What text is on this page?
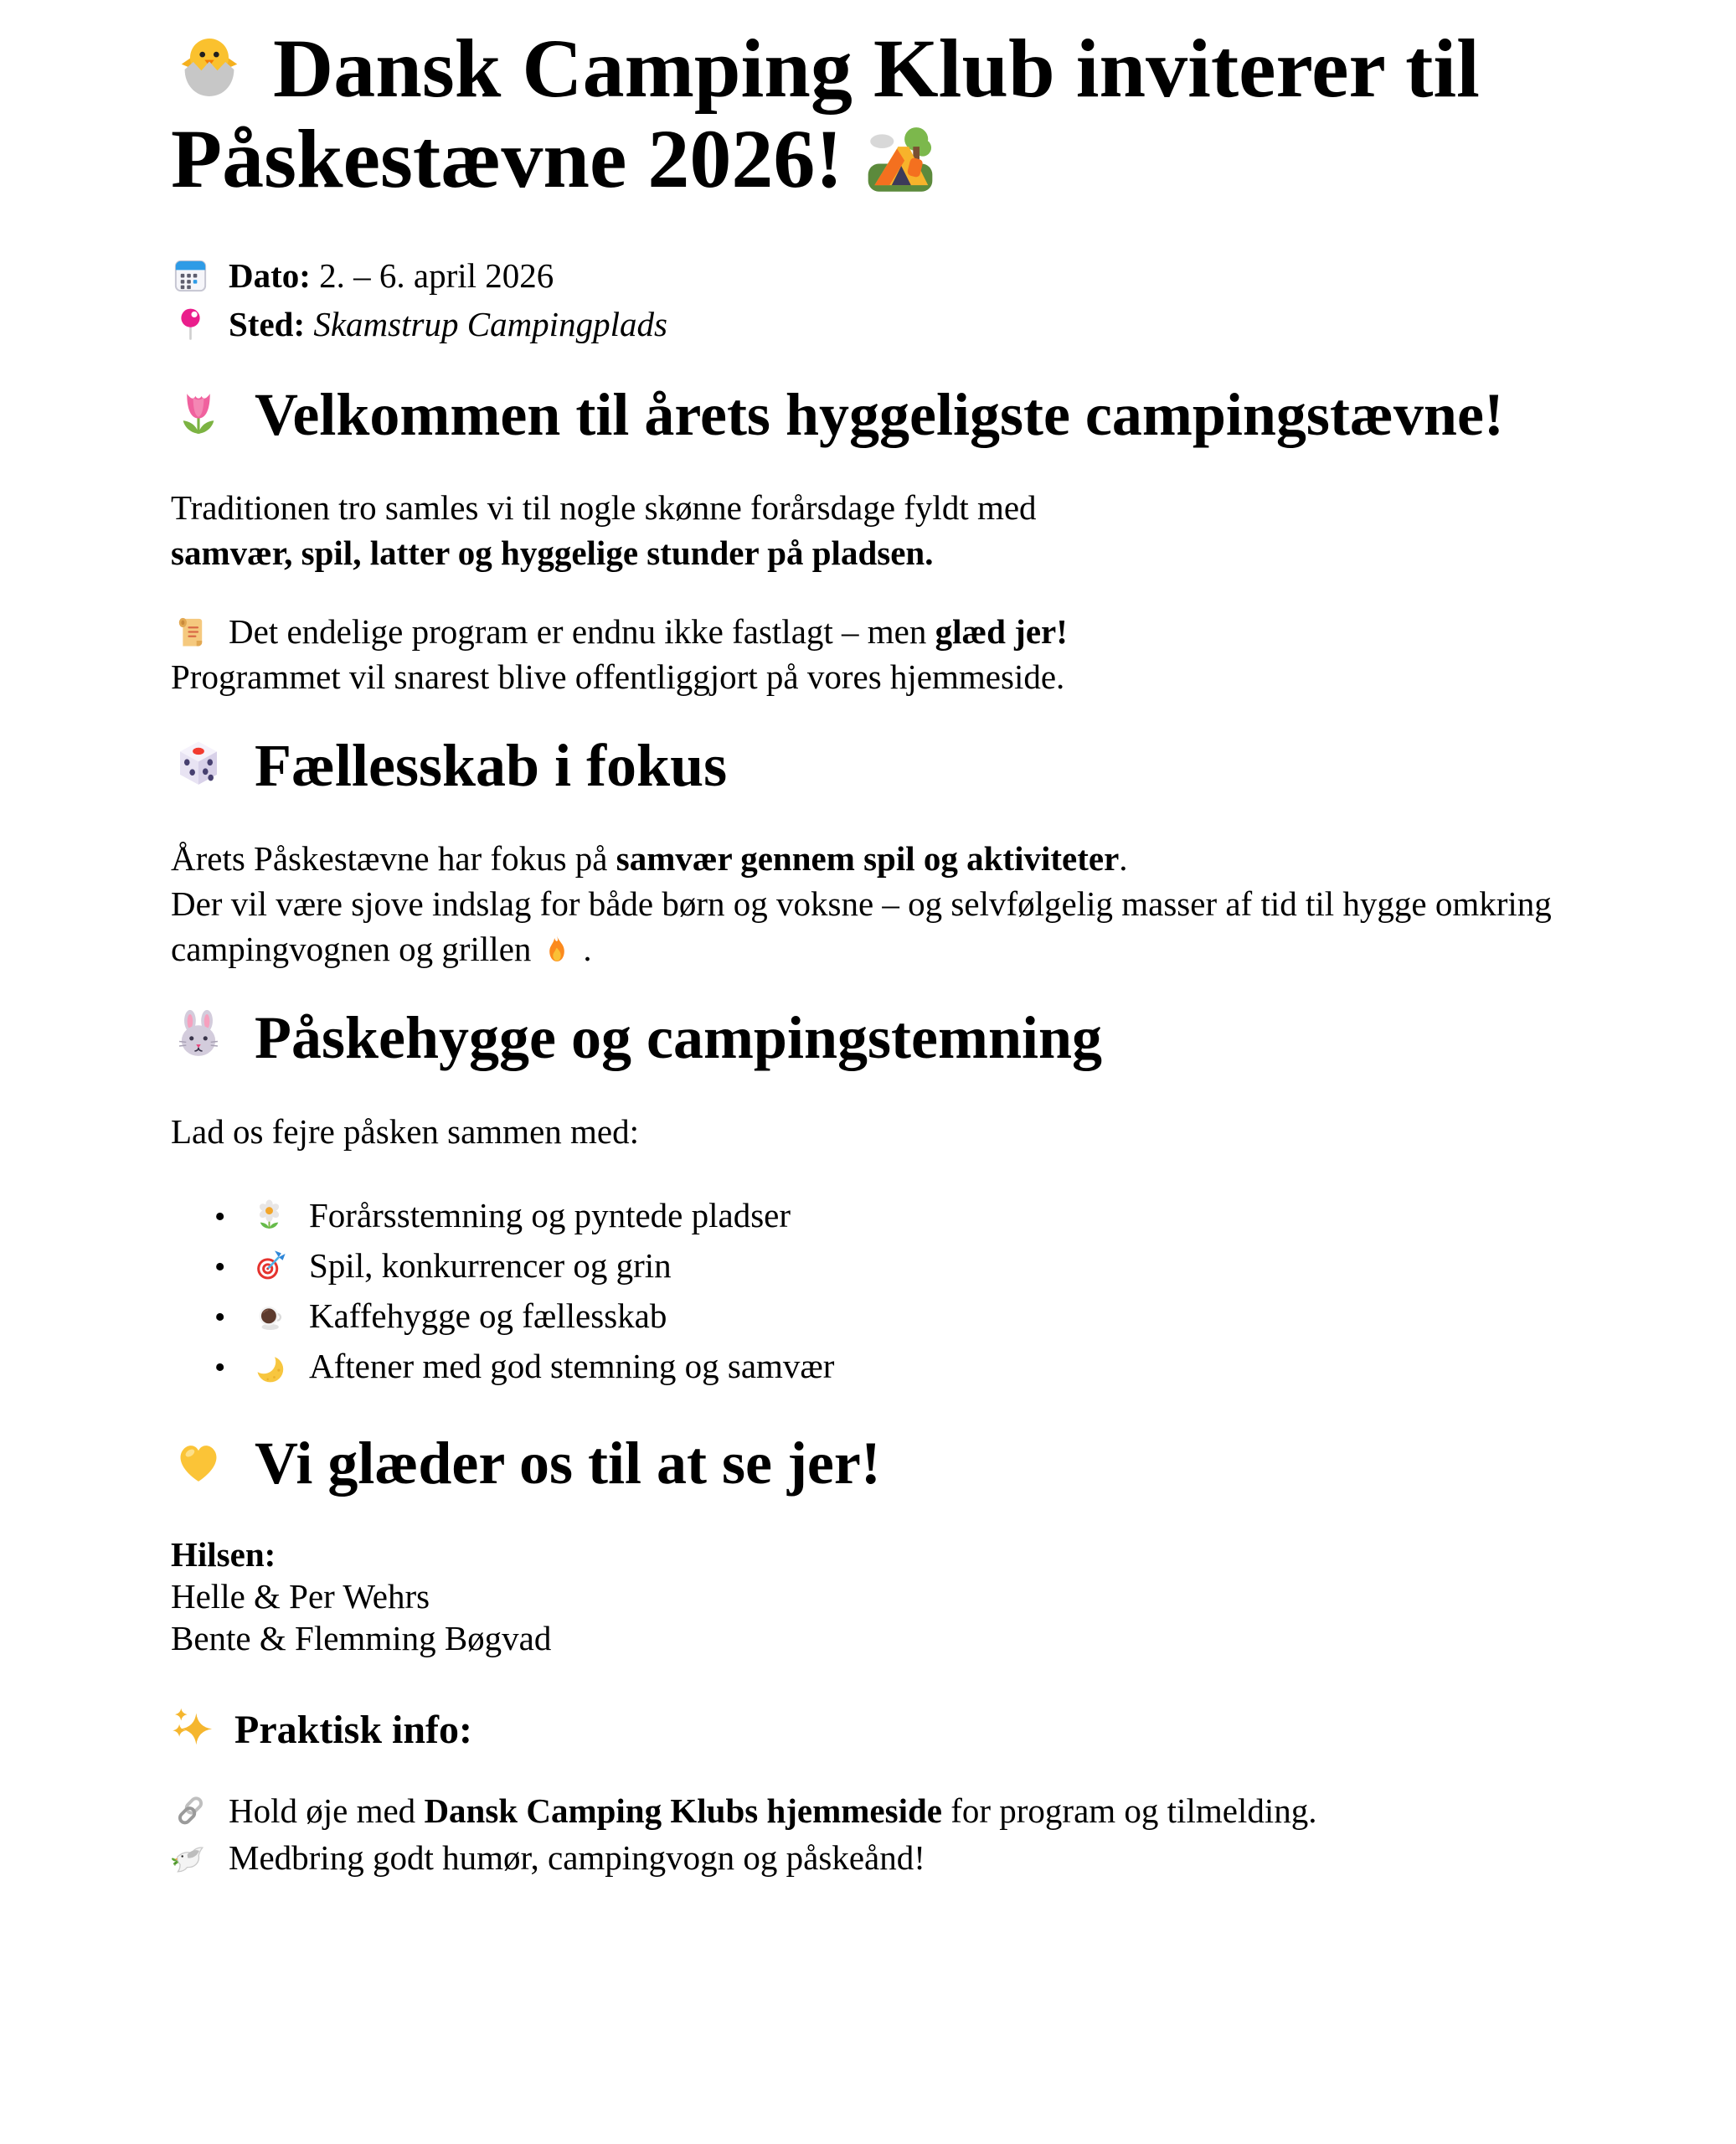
Dansk Camping Klub inviterer til Påskestævne 2026!

Dato: 2. – 6. april 2026

Sted: Skamstrup Campingplads

Velkommen til årets hyggeligste campingstævne!

Traditionen tro samles vi til nogle skønne forårsdage fyldt med
samvær, spil, latter og hyggelige stunder på pladsen.

Det endelige program er endnu ikke fastlagt – men glæd jer!
Programmet vil snarest blive offentliggjort på vores hjemmeside.

Fællesskab i fokus

Årets Påskestævne har fokus på samvær gennem spil og aktiviteter.
Der vil være sjove indslag for både børn og voksne – og selvfølgelig masser af tid til hygge omkring campingvognen og grillen .

Påskehygge og campingstemning

Lad os fejre påsken sammen med:

• Forårsstemning og pyntede pladser
• Spil, konkurrencer og grin
• Kaffehygge og fællesskab
• Aftener med god stemning og samvær
Vi glæder os til at se jer!

Hilsen:
Helle & Per Wehrs
Bente & Flemming Bøgvad

Praktisk info:

Hold øje med Dansk Camping Klubs hjemmeside for program og tilmelding.

Medbring godt humør, campingvogn og påskeånd!
